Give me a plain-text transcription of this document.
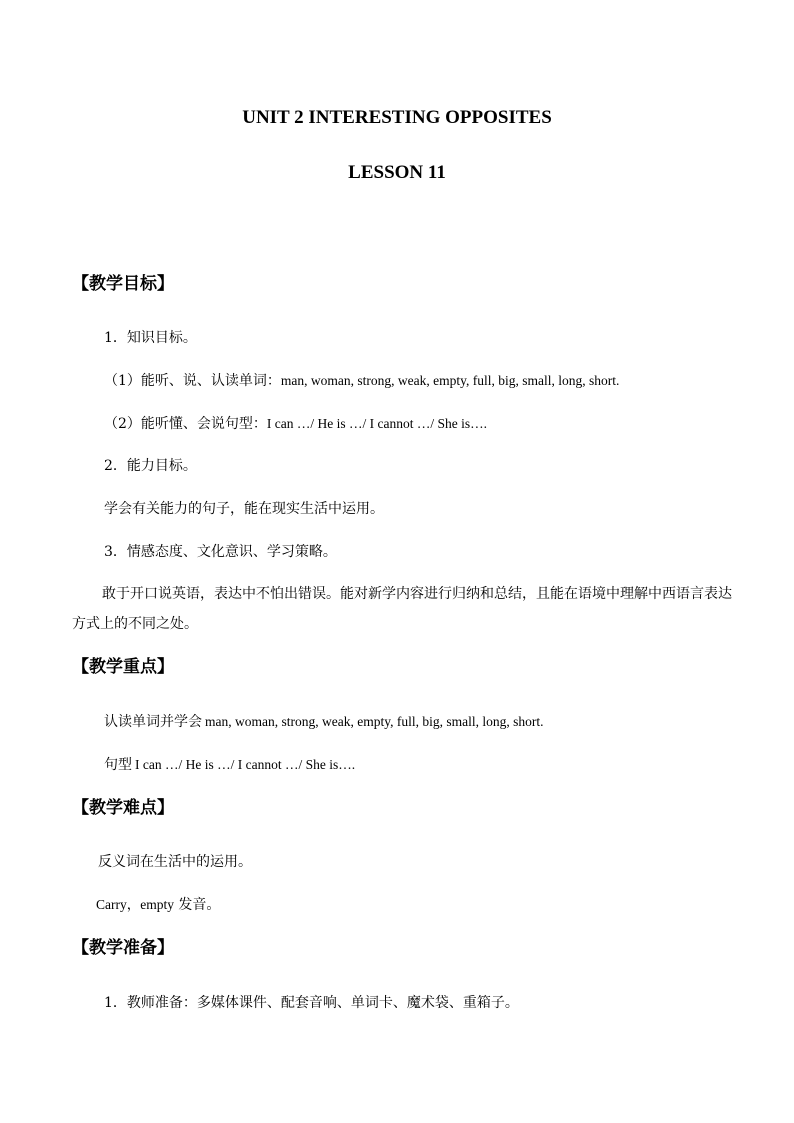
UNIT 2 INTERESTING OPPOSITES
LESSON 11
【教学目标】
1．知识目标。
（1）能听、说、认读单词：man, woman, strong, weak, empty, full, big, small, long, short.
（2）能听懂、会说句型：I can …/ He is …/ I cannot …/ She is….
2．能力目标。
学会有关能力的句子，能在现实生活中运用。
3．情感态度、文化意识、学习策略。
敢于开口说英语，表达中不怕出错误。能对新学内容进行归纳和总结，且能在语境中理解中西语言表达方式上的不同之处。
【教学重点】
认读单词并学会 man, woman, strong, weak, empty, full, big, small, long, short.
句型 I can …/ He is …/ I cannot …/ She is….
【教学难点】
反义词在生活中的运用。
Carry，empty 发音。
【教学准备】
1．教师准备：多媒体课件、配套音响、单词卡、魔术袋、重箱子。
